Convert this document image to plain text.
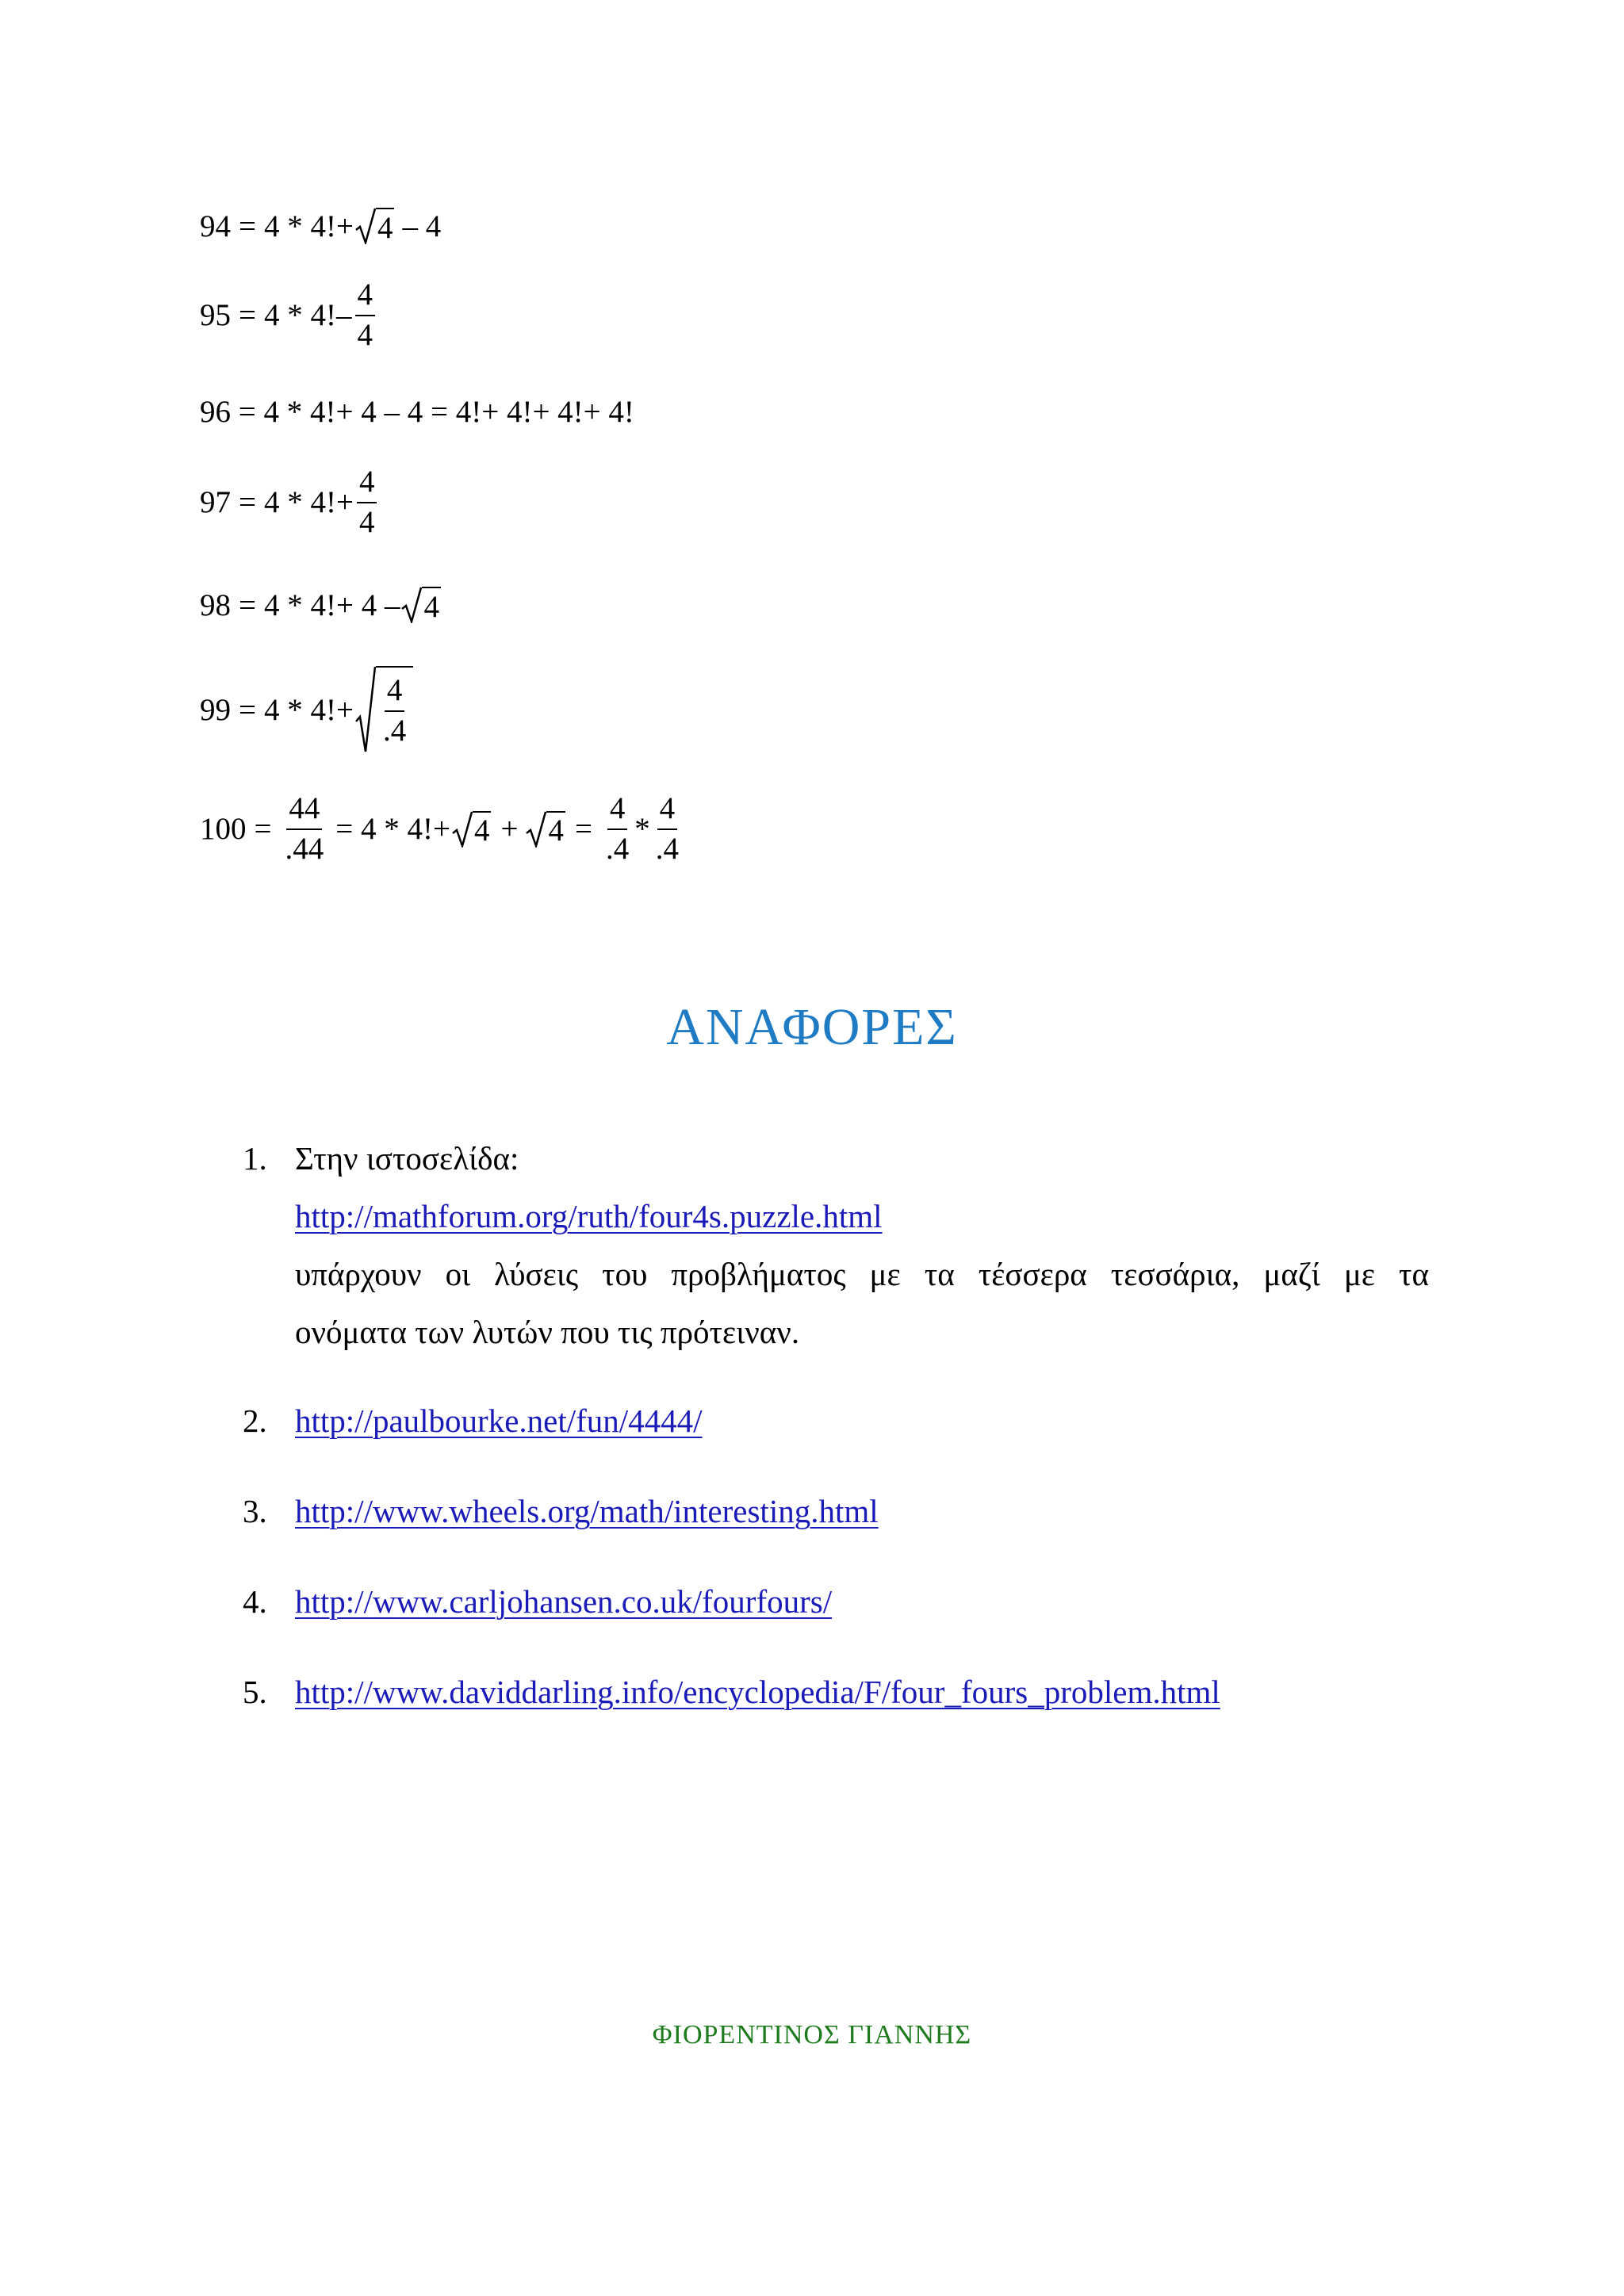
94 = 4 * 4!+ 4 – 4
$95 = 4 * 4!- \frac{4}{4}$
96 = 4 * 4!+ 4 – 4 = 4!+ 4!+ 4!+ 4!
$97 = 4 * 4!+ \frac{4}{4}$
98 = 4 * 4!+ 4 – 4
$99 = 4 * 4!+ \frac{4}{.4}$
$100 = \frac{44}{.44} = 4 * 4!+ 4 + 4 = \frac{4}{.4} * \frac{4}{.4}$
ΑΝΑΦΟΡΕΣ
1. Στην ιστοσελίδα:
http://mathforum.org/ruth/four4s.puzzle.html
υπάρχουν οι λύσεις του προβλήματος με τα τέσσερα τεσσάρια, μαζί με τα
ονόματα των λυτών που τις πρότειναν.
2. http://paulbourke.net/fun/4444/
3. http://www.wheels.org/math/interesting.html
4. http://www.carljohansen.co.uk/fourfours/
5. http://www.daviddarling.info/encyclopedia/F/four_fours_problem.html
ΦΙΟΡΕΝΤΙΝΟΣ ΓΙΑΝΝΗΣ
